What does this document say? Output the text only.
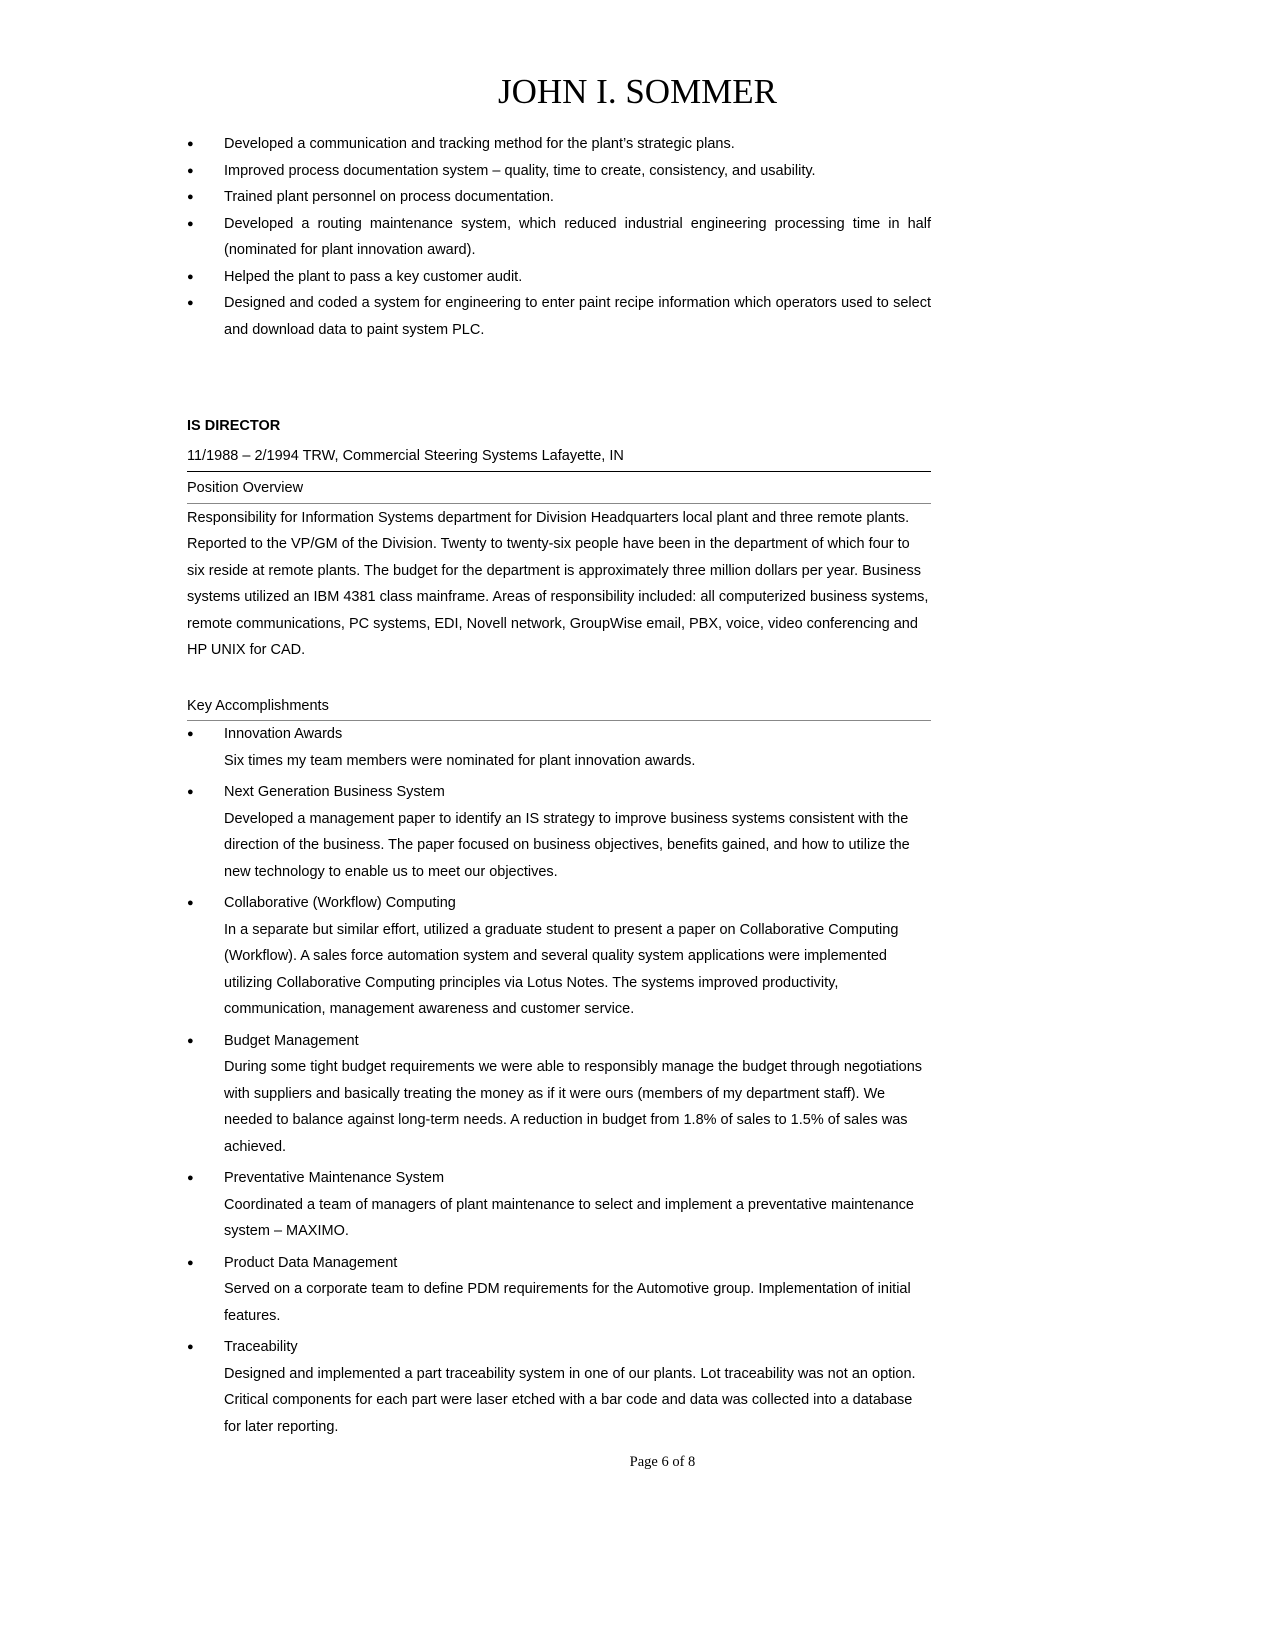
JOHN I. SOMMER
● Developed a communication and tracking method for the plant’s strategic plans.
● Improved process documentation system – quality, time to create, consistency, and usability.
● Trained plant personnel on process documentation.
● Developed a routing maintenance system, which reduced industrial engineering processing time in half (nominated for plant innovation award).
● Helped the plant to pass a key customer audit.
● Designed and coded a system for engineering to enter paint recipe information which operators used to select and download data to paint system PLC.
IS DIRECTOR
11/1988 – 2/1994 TRW, Commercial Steering Systems Lafayette, IN
Position Overview
Responsibility for Information Systems department for Division Headquarters local plant and three remote plants. Reported to the VP/GM of the Division. Twenty to twenty-six people have been in the department of which four to six reside at remote plants. The budget for the department is approximately three million dollars per year. Business systems utilized an IBM 4381 class mainframe. Areas of responsibility included: all computerized business systems, remote communications, PC systems, EDI, Novell network, GroupWise email, PBX, voice, video conferencing and HP UNIX for CAD.
Key Accomplishments
● Innovation Awards
Six times my team members were nominated for plant innovation awards.
● Next Generation Business System
Developed a management paper to identify an IS strategy to improve business systems consistent with the direction of the business. The paper focused on business objectives, benefits gained, and how to utilize the new technology to enable us to meet our objectives.
● Collaborative (Workflow) Computing
In a separate but similar effort, utilized a graduate student to present a paper on Collaborative Computing (Workflow). A sales force automation system and several quality system applications were implemented utilizing Collaborative Computing principles via Lotus Notes. The systems improved productivity, communication, management awareness and customer service.
● Budget Management
During some tight budget requirements we were able to responsibly manage the budget through negotiations with suppliers and basically treating the money as if it were ours (members of my department staff). We needed to balance against long-term needs. A reduction in budget from 1.8% of sales to 1.5% of sales was achieved.
● Preventative Maintenance System
Coordinated a team of managers of plant maintenance to select and implement a preventative maintenance system – MAXIMO.
● Product Data Management
Served on a corporate team to define PDM requirements for the Automotive group. Implementation of initial features.
● Traceability
Designed and implemented a part traceability system in one of our plants. Lot traceability was not an option. Critical components for each part were laser etched with a bar code and data was collected into a database for later reporting.
Page 6 of 8
